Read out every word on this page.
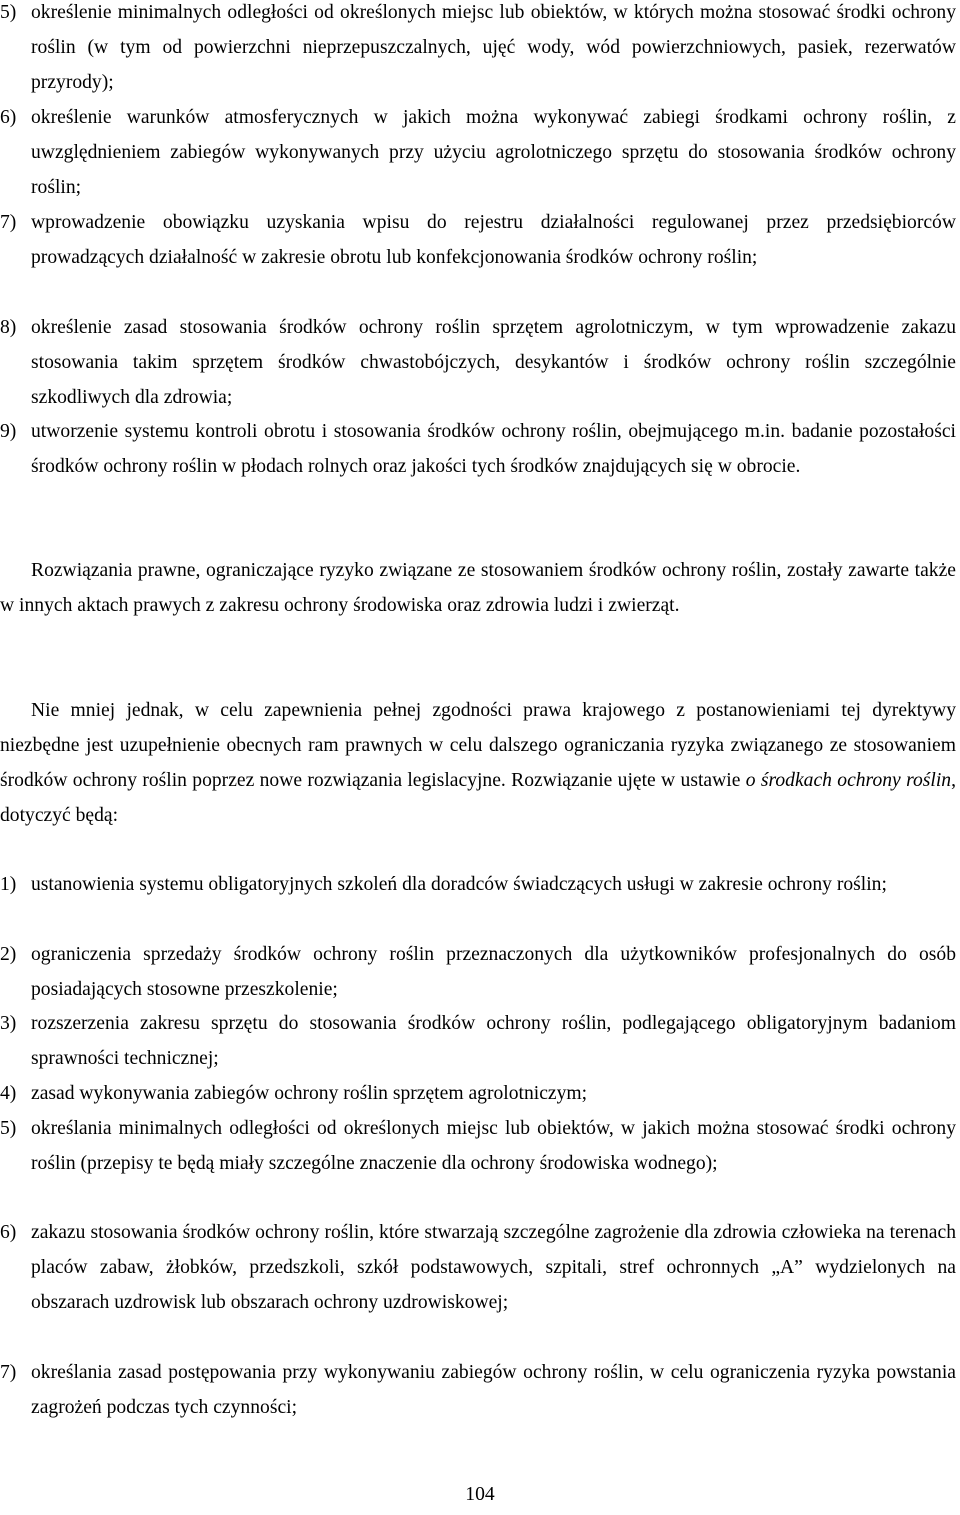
5) określenie minimalnych odległości od określonych miejsc lub obiektów, w których można stosować środki ochrony roślin (w tym od powierzchni nieprzepuszczalnych, ujęć wody, wód powierzchniowych, pasiek, rezerwatów przyrody);
6) określenie warunków atmosferycznych w jakich można wykonywać zabiegi środkami ochrony roślin, z uwzględnieniem zabiegów wykonywanych przy użyciu agrolotniczego sprzętu do stosowania środków ochrony roślin;
7) wprowadzenie obowiązku uzyskania wpisu do rejestru działalności regulowanej przez przedsiębiorców prowadzących działalność w zakresie obrotu lub konfekcjonowania środków ochrony roślin;
8) określenie zasad stosowania środków ochrony roślin sprzętem agrolotniczym, w tym wprowadzenie zakazu stosowania takim sprzętem środków chwastobójczych, desykantów i środków ochrony roślin szczególnie szkodliwych dla zdrowia;
9) utworzenie systemu kontroli obrotu i stosowania środków ochrony roślin, obejmującego m.in. badanie pozostałości środków ochrony roślin w płodach rolnych oraz jakości tych środków znajdujących się w obrocie.
Rozwiązania prawne, ograniczające ryzyko związane ze stosowaniem środków ochrony roślin, zostały zawarte także w innych aktach prawych z zakresu ochrony środowiska oraz zdrowia ludzi i zwierząt.
Nie mniej jednak, w celu zapewnienia pełnej zgodności prawa krajowego z postanowieniami tej dyrektywy niezbędne jest uzupełnienie obecnych ram prawnych w celu dalszego ograniczania ryzyka związanego ze stosowaniem środków ochrony roślin poprzez nowe rozwiązania legislacyjne. Rozwiązanie ujęte w ustawie o środkach ochrony roślin, dotyczyć będą:
1) ustanowienia systemu obligatoryjnych szkoleń dla doradców świadczących usługi w zakresie ochrony roślin;
2) ograniczenia sprzedaży środków ochrony roślin przeznaczonych dla użytkowników profesjonalnych do osób posiadających stosowne przeszkolenie;
3) rozszerzenia zakresu sprzętu do stosowania środków ochrony roślin, podlegającego obligatoryjnym badaniom sprawności technicznej;
4) zasad wykonywania zabiegów ochrony roślin sprzętem agrolotniczym;
5) określania minimalnych odległości od określonych miejsc lub obiektów, w jakich można stosować środki ochrony roślin (przepisy te będą miały szczególne znaczenie dla ochrony środowiska wodnego);
6) zakazu stosowania środków ochrony roślin, które stwarzają szczególne zagrożenie dla zdrowia człowieka na terenach placów zabaw, żłobków, przedszkoli, szkół podstawowych, szpitali, stref ochronnych „A” wydzielonych na obszarach uzdrowisk lub obszarach ochrony uzdrowiskowej;
7) określania zasad postępowania przy wykonywaniu zabiegów ochrony roślin, w celu ograniczenia ryzyka powstania zagrożeń podczas tych czynności;
104
